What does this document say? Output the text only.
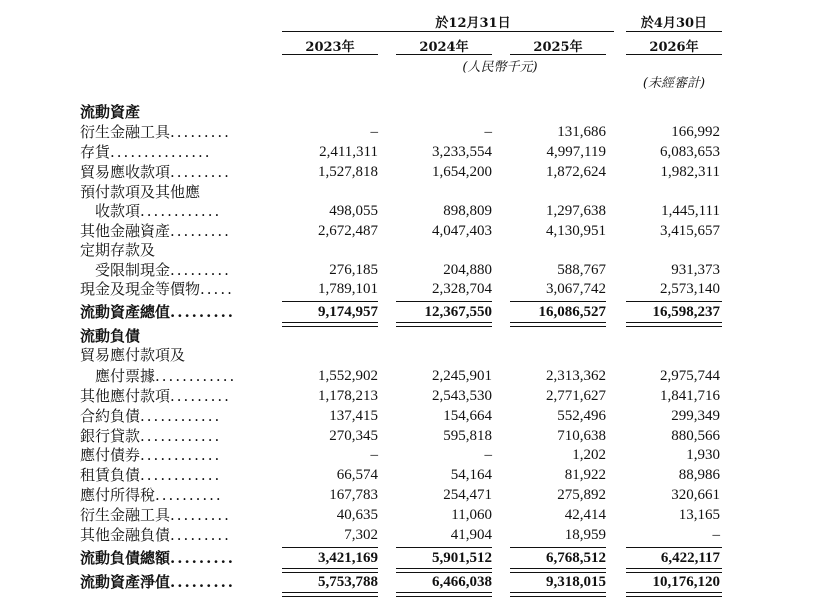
於12月31日	於4月30日
2023年	2024年	2025年	2026年
(人民幣千元)
(未經審計)
流動資產
衍生金融工具.........	–	–	131,686	166,992
存貨...............	2,411,311	3,233,554	4,997,119	6,083,653
貿易應收款項.........	1,527,818	1,654,200	1,872,624	1,982,311
預付款項及其他應
收款項............	498,055	898,809	1,297,638	1,445,111
其他金融資產.........	2,672,487	4,047,403	4,130,951	3,415,657
定期存款及
受限制現金.........	276,185	204,880	588,767	931,373
現金及現金等價物.....	1,789,101	2,328,704	3,067,742	2,573,140
流動資產總值.........	9,174,957	12,367,550	16,086,527	16,598,237
流動負債
貿易應付款項及
應付票據............	1,552,902	2,245,901	2,313,362	2,975,744
其他應付款項.........	1,178,213	2,543,530	2,771,627	1,841,716
合約負債............	137,415	154,664	552,496	299,349
銀行貸款............	270,345	595,818	710,638	880,566
應付債券............	–	–	1,202	1,930
租賃負債............	66,574	54,164	81,922	88,986
應付所得稅..........	167,783	254,471	275,892	320,661
衍生金融工具.........	40,635	11,060	42,414	13,165
其他金融負債.........	7,302	41,904	18,959	–
流動負債總額.........	3,421,169	5,901,512	6,768,512	6,422,117
流動資產淨值.........	5,753,788	6,466,038	9,318,015	10,176,120
